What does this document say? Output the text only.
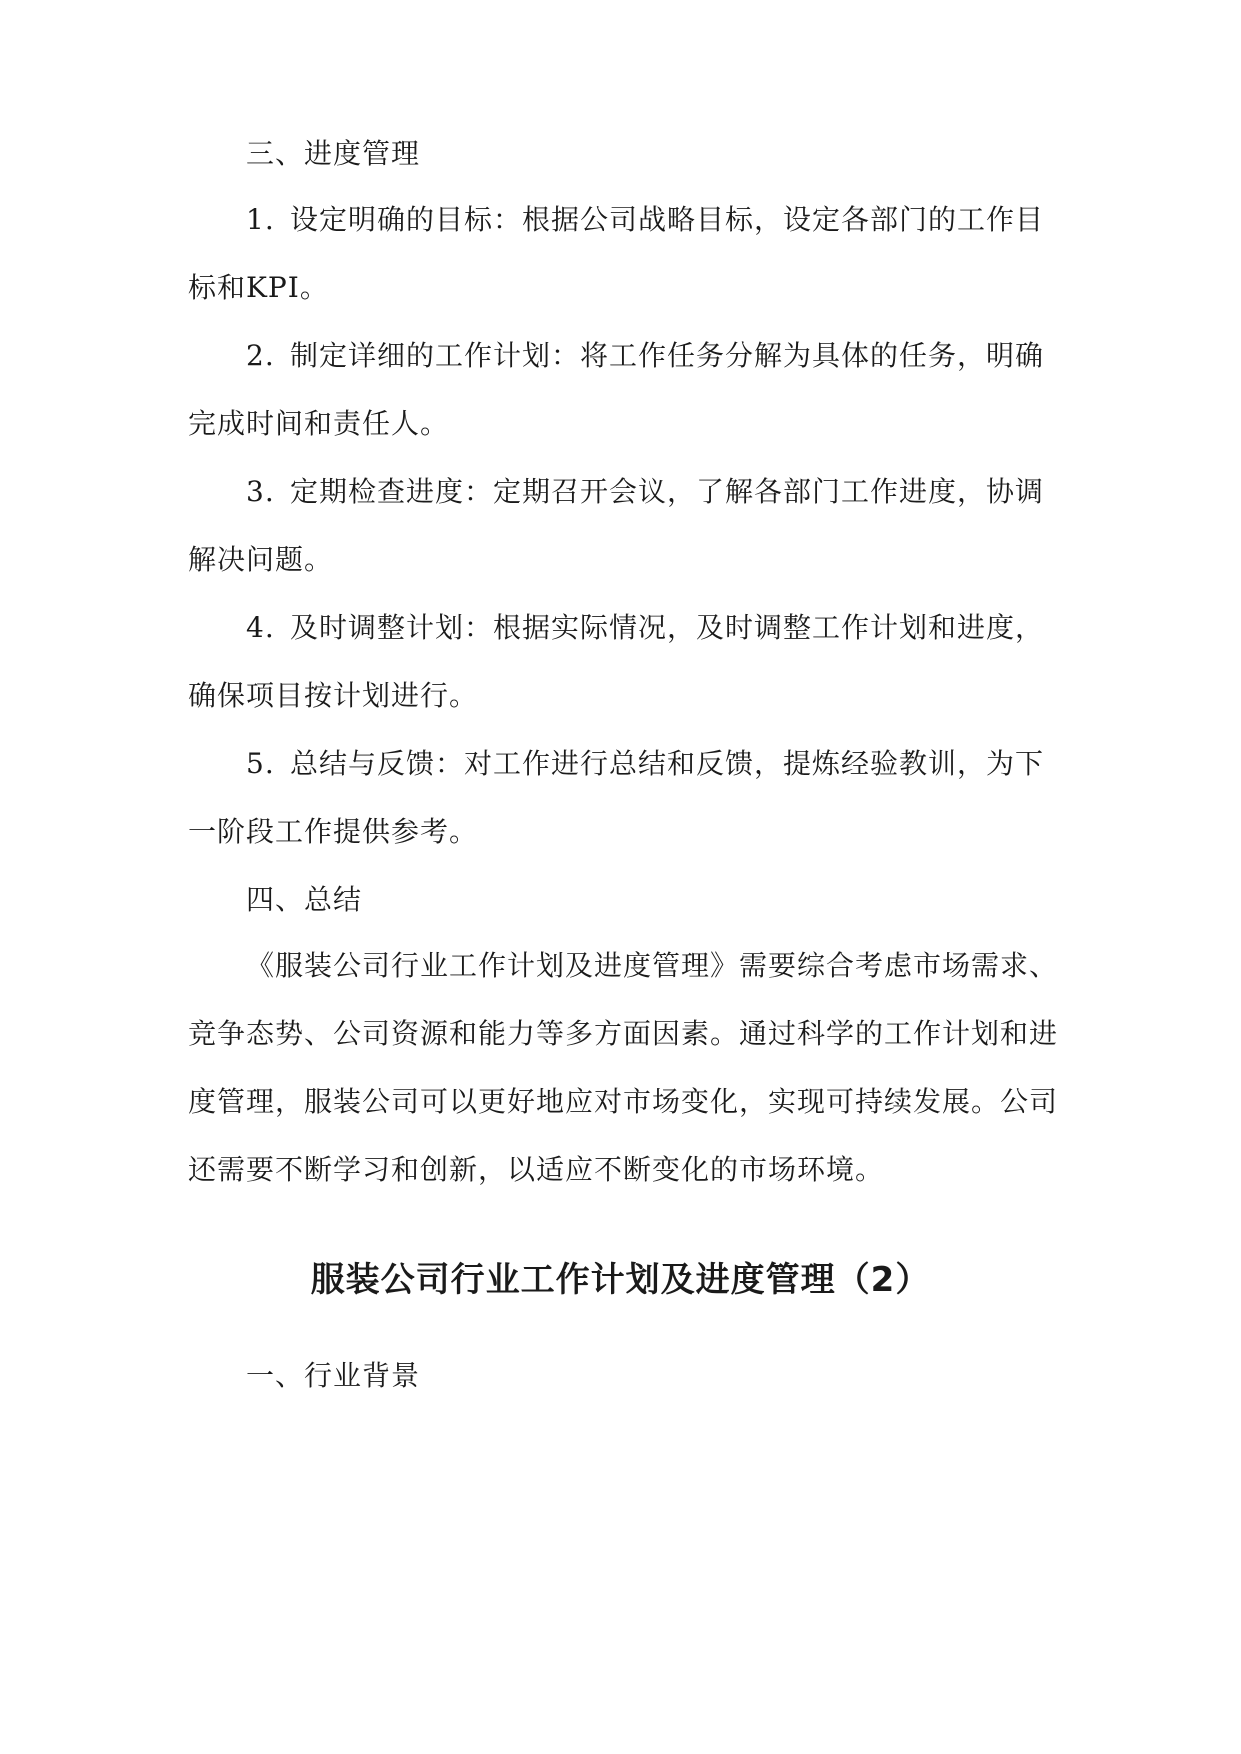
三、进度管理
1. 设定明确的目标：根据公司战略目标，设定各部门的工作目
标和KPI。
2. 制定详细的工作计划：将工作任务分解为具体的任务，明确
完成时间和责任人。
3. 定期检查进度：定期召开会议，了解各部门工作进度，协调
解决问题。
4. 及时调整计划：根据实际情况，及时调整工作计划和进度，
确保项目按计划进行。
5. 总结与反馈：对工作进行总结和反馈，提炼经验教训，为下
一阶段工作提供参考。
四、总结
《服装公司行业工作计划及进度管理》需要综合考虑市场需求、
竞争态势、公司资源和能力等多方面因素。通过科学的工作计划和进
度管理，服装公司可以更好地应对市场变化，实现可持续发展。公司
还需要不断学习和创新，以适应不断变化的市场环境。
服装公司行业工作计划及进度管理（2）
一、行业背景
